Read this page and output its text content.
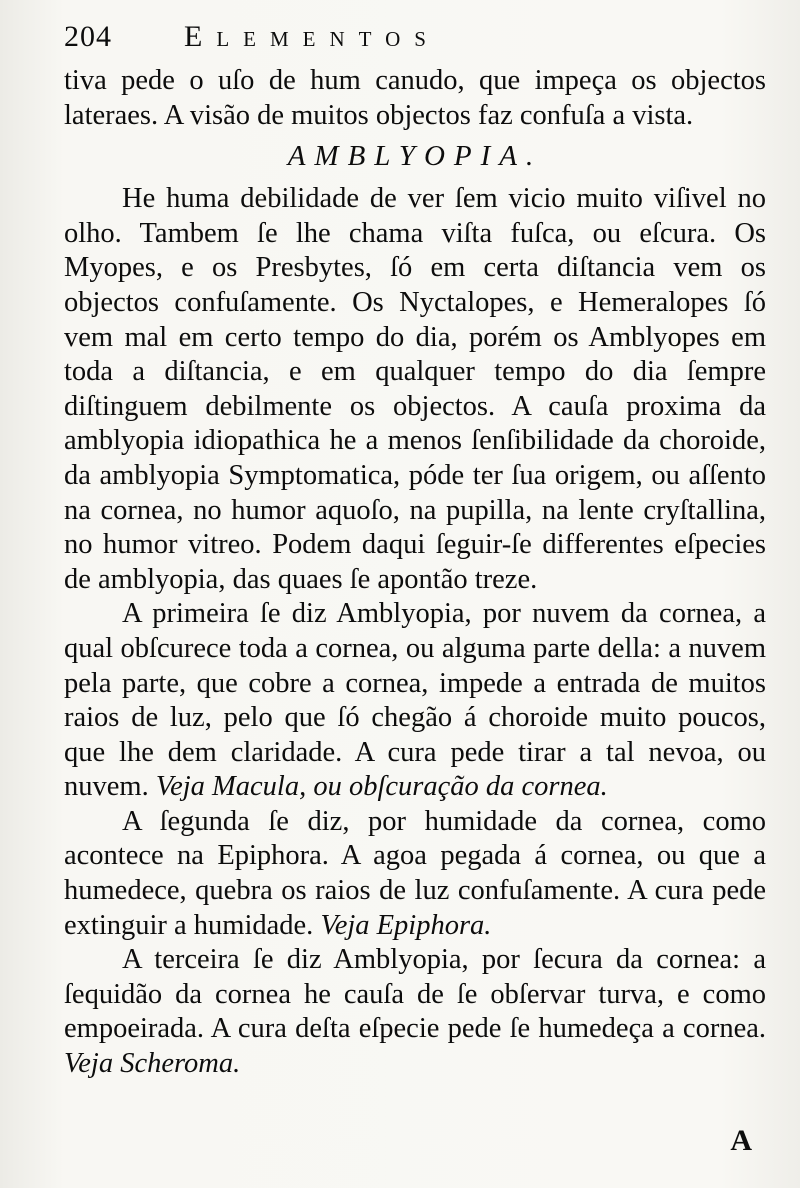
204	Elementos

tiva pede o uſo de hum canudo, que impeça os objectos lateraes. A visão de muitos objectos faz confuſa a vista.

AMBLYOPIA.

He huma debilidade de ver ſem vicio muito viſivel no olho. Tambem ſe lhe chama viſta fuſca, ou eſcura. Os Myopes, e os Presbytes, ſó em certa diſtancia vem os objectos confuſamente. Os Nyctalopes, e Hemeralopes ſó vem mal em certo tempo do dia, porém os Amblyopes em toda a diſtancia, e em qualquer tempo do dia ſempre diſtinguem debilmente os objectos. A cauſa proxima da amblyopia idiopathica he a menos ſenſibilidade da choroide, da amblyopia Symptomatica, póde ter ſua origem, ou aſſento na cornea, no humor aquoſo, na pupilla, na lente cryſtallina, no humor vitreo. Podem daqui ſeguir-ſe differentes eſpecies de amblyopia, das quaes ſe apontão treze.

A primeira ſe diz Amblyopia, por nuvem da cornea, a qual obſcurece toda a cornea, ou alguma parte della: a nuvem pela parte, que cobre a cornea, impede a entrada de muitos raios de luz, pelo que ſó chegão á choroide muito poucos, que lhe dem claridade. A cura pede tirar a tal nevoa, ou nuvem. Veja Macula, ou obſcuração da cornea.

A ſegunda ſe diz, por humidade da cornea, como acontece na Epiphora. A agoa pegada á cornea, ou que a humedece, quebra os raios de luz confuſamente. A cura pede extinguir a humidade. Veja Epiphora.

A terceira ſe diz Amblyopia, por ſecura da cornea: a ſequidão da cornea he cauſa de ſe obſervar turva, e como empoeirada. A cura deſta eſpecie pede ſe humedeça a cornea. Veja Scheroma.

A
